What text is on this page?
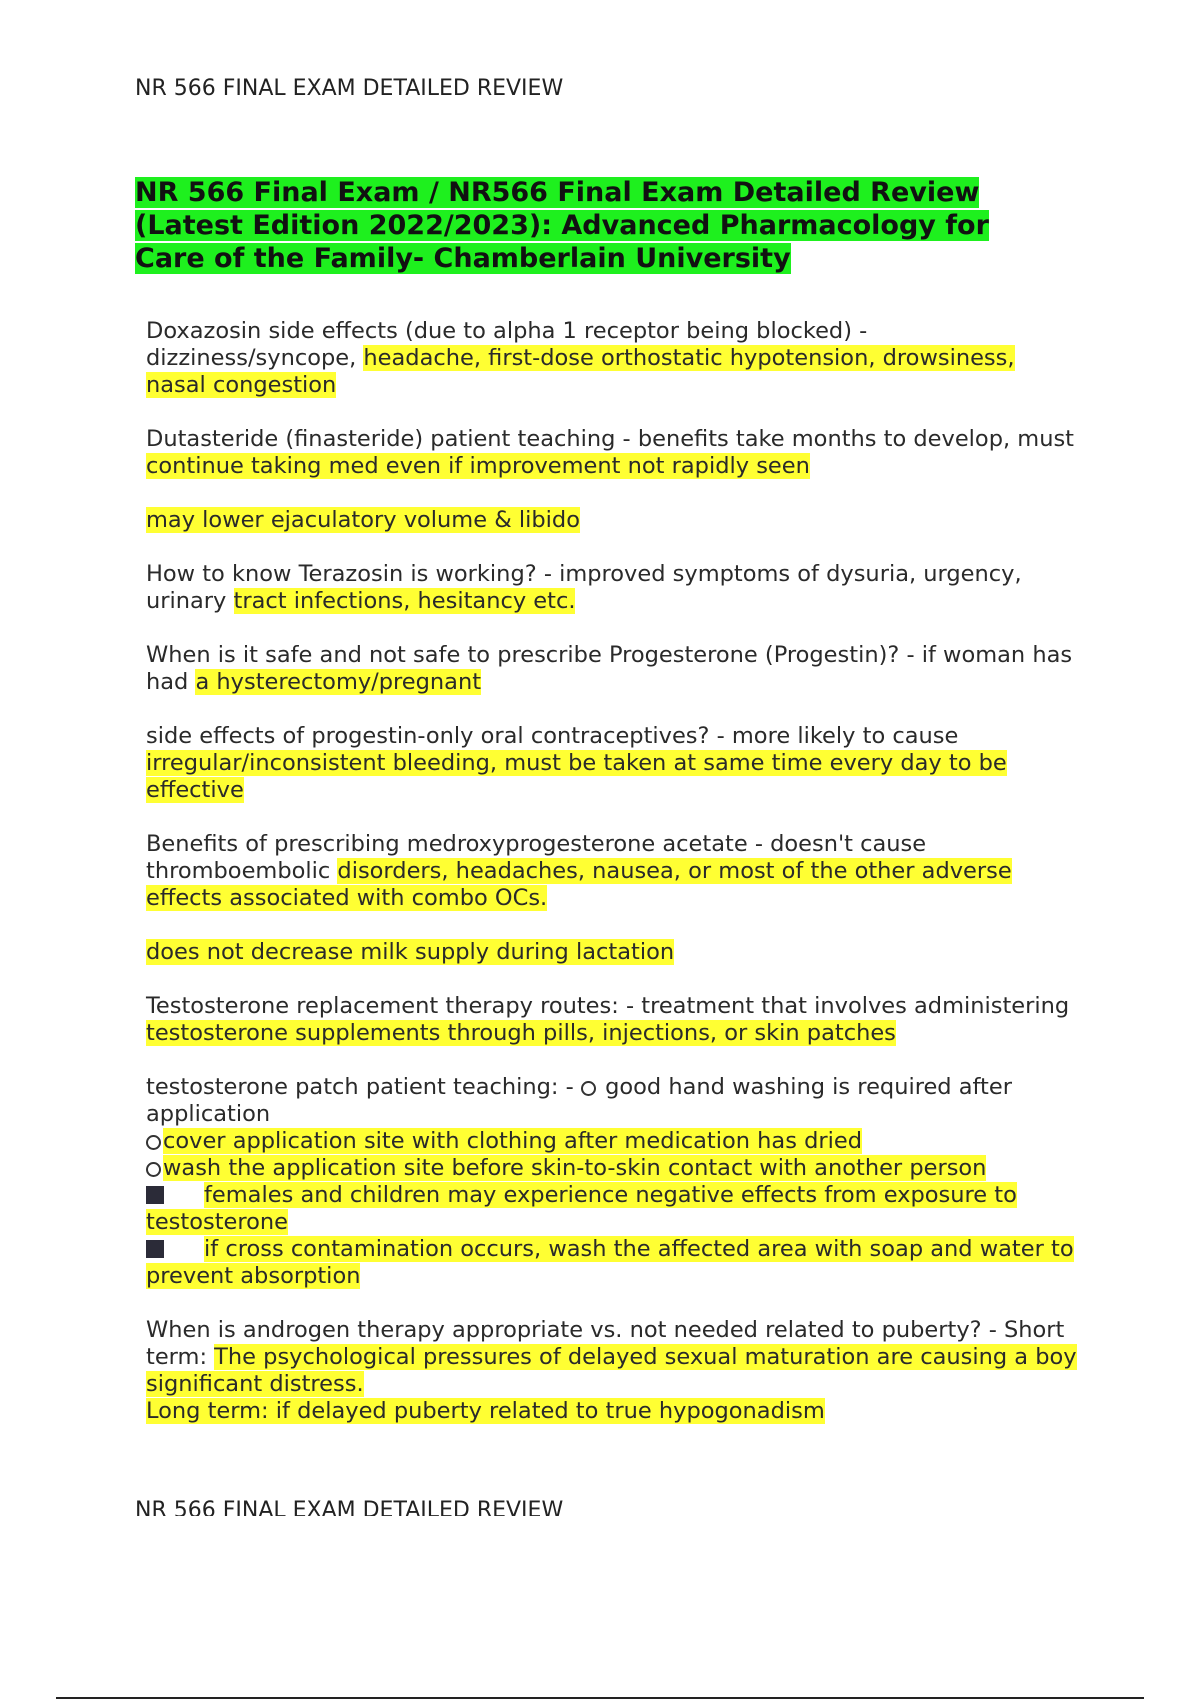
NR 566 FINAL EXAM DETAILED REVIEW
NR 566 Final Exam / NR566 Final Exam Detailed Review (Latest Edition 2022/2023): Advanced Pharmacology for Care of the Family- Chamberlain University

Doxazosin side effects (due to alpha 1 receptor being blocked) - dizziness/syncope, headache, first-dose orthostatic hypotension, drowsiness, nasal congestion

Dutasteride (finasteride) patient teaching - benefits take months to develop, must continue taking med even if improvement not rapidly seen

may lower ejaculatory volume & libido

How to know Terazosin is working? - improved symptoms of dysuria, urgency, urinary tract infections, hesitancy etc.

When is it safe and not safe to prescribe Progesterone (Progestin)? - if woman has had a hysterectomy/pregnant

side effects of progestin-only oral contraceptives? - more likely to cause irregular/inconsistent bleeding, must be taken at same time every day to be effective

Benefits of prescribing medroxyprogesterone acetate - doesn't cause thromboembolic disorders, headaches, nausea, or most of the other adverse effects associated with combo OCs.

does not decrease milk supply during lactation

Testosterone replacement therapy routes: - treatment that involves administering testosterone supplements through pills, injections, or skin patches

testosterone patch patient teaching: -  good hand washing is required after application

cover application site with clothing after medication has dried

wash the application site before skin-to-skin contact with another person

females and children may experience negative effects from exposure to testosterone

if cross contamination occurs, wash the affected area with soap and water to prevent absorption

When is androgen therapy appropriate vs. not needed related to puberty? - Short term: The psychological pressures of delayed sexual maturation are causing a boy significant distress.

Long term: if delayed puberty related to true hypogonadism

NR 566 FINAL EXAM DETAILED REVIEW
